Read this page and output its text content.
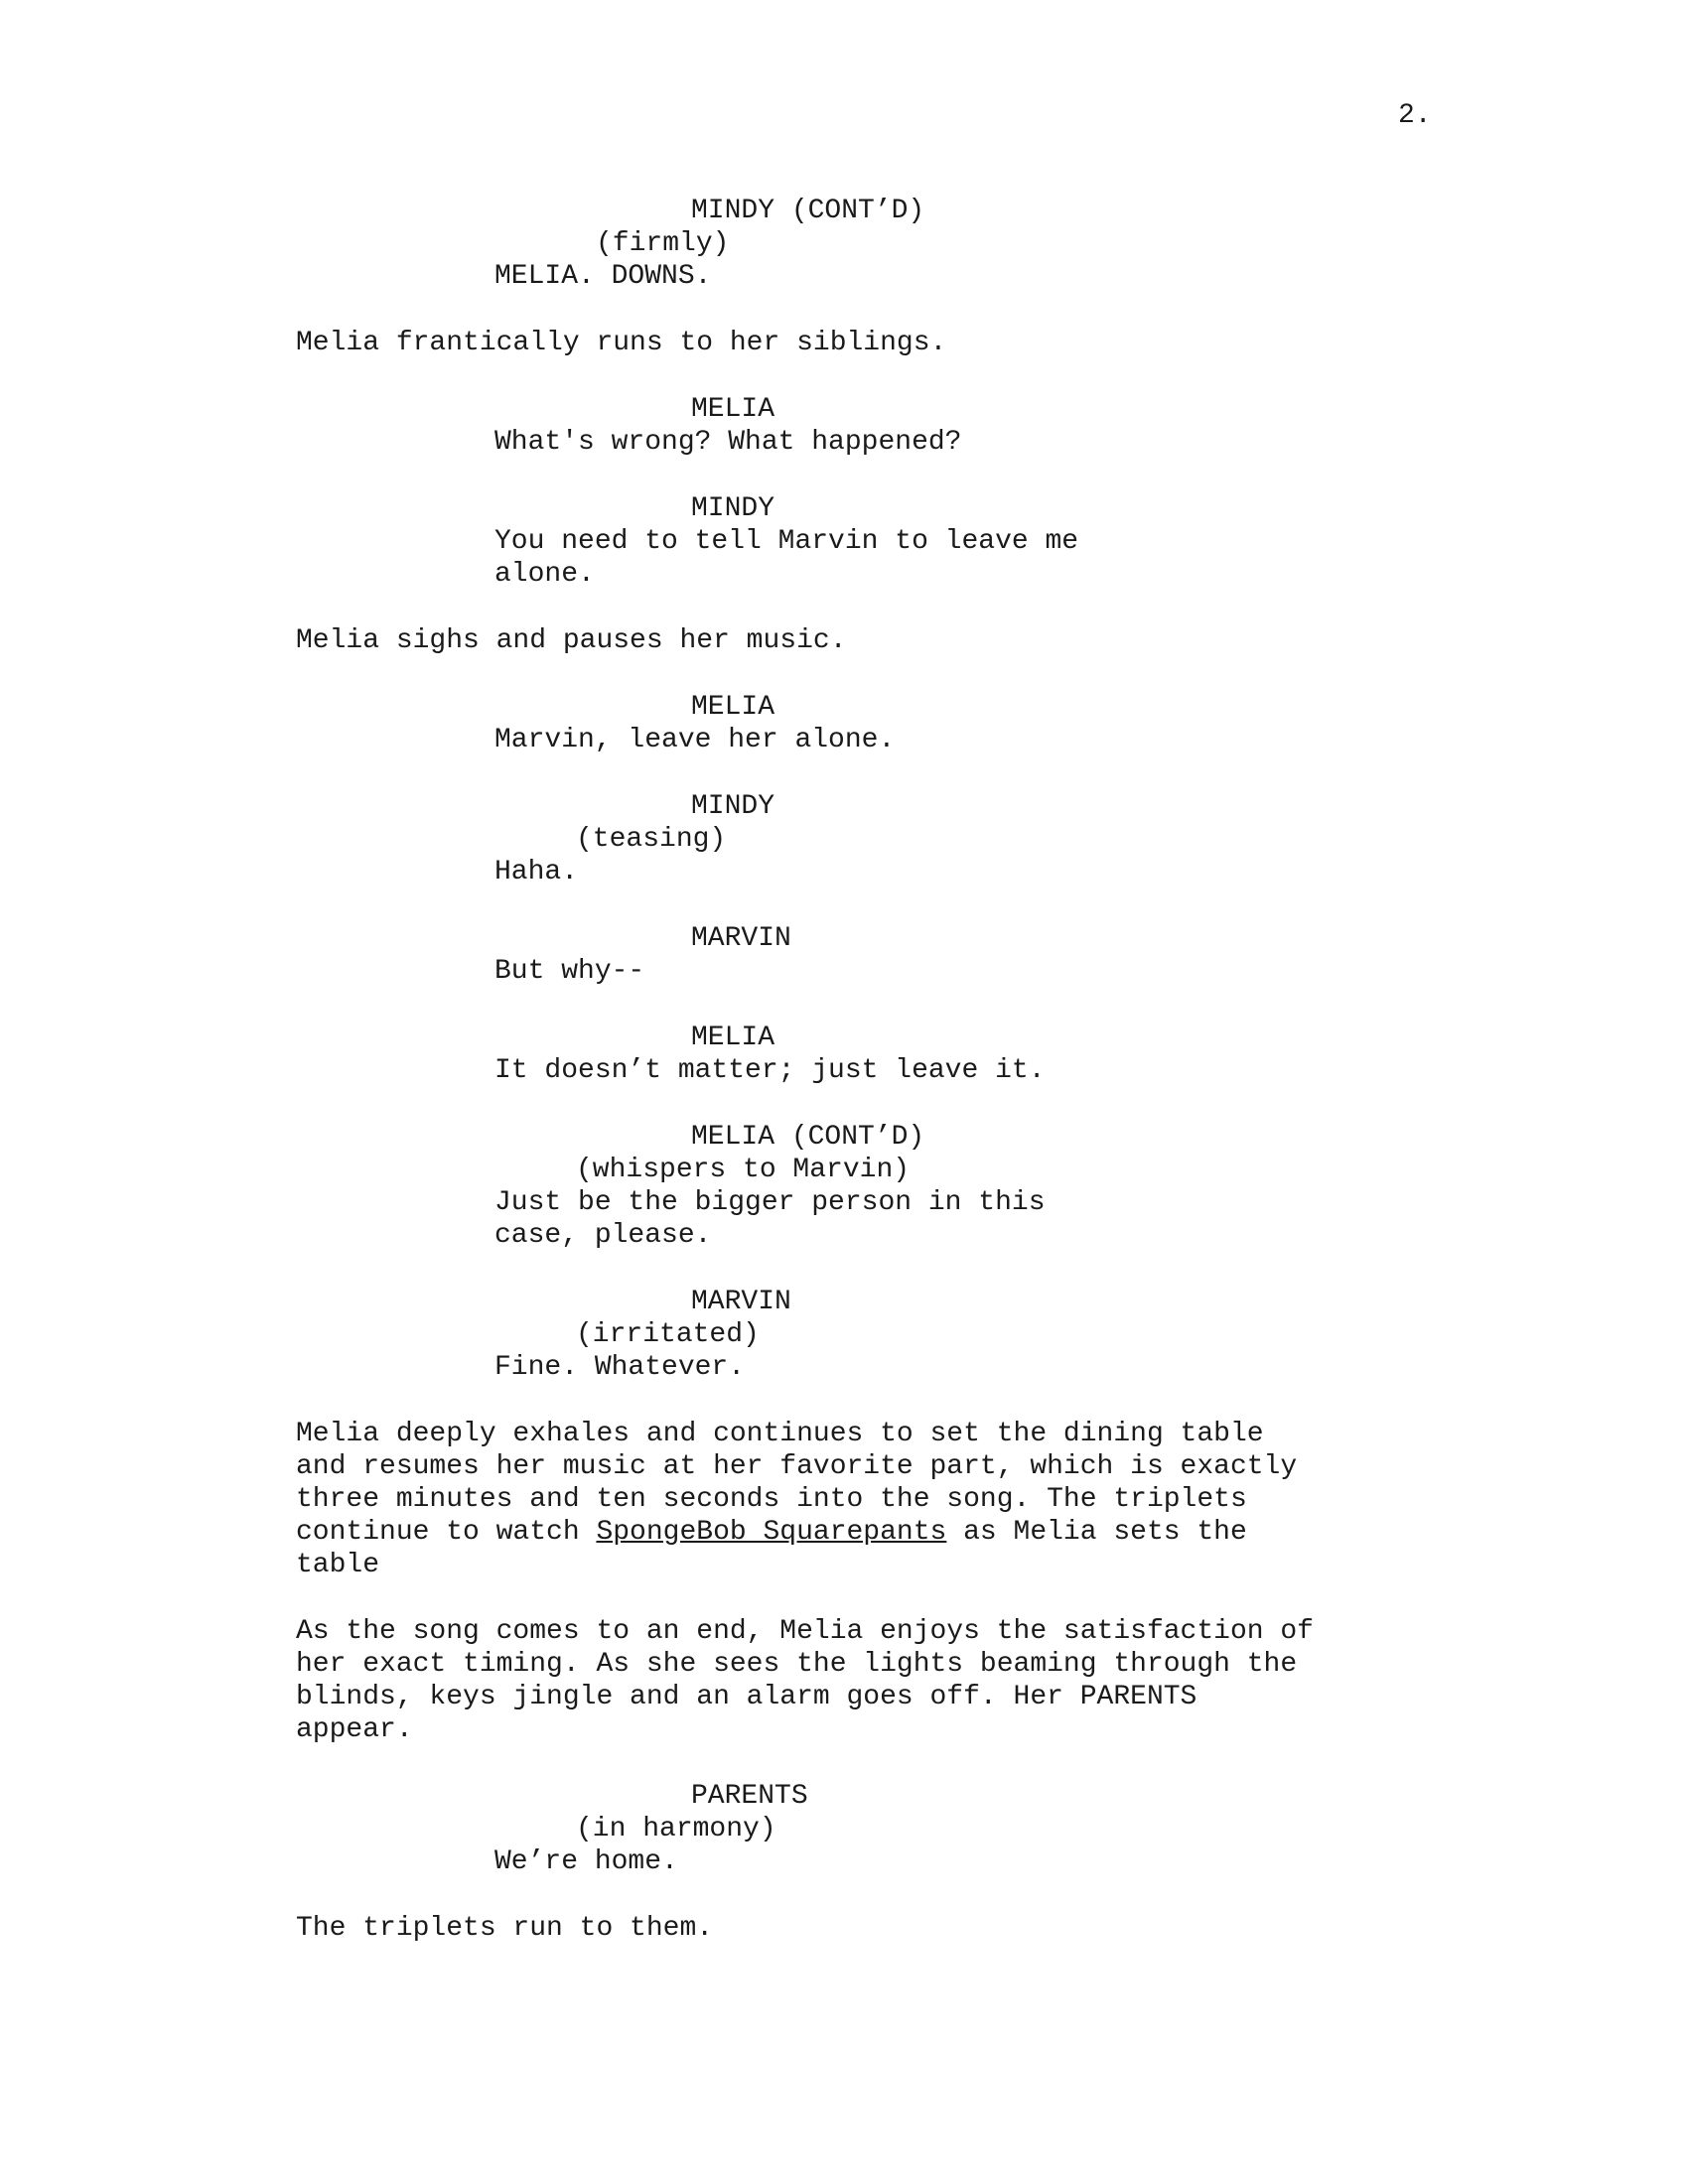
2.
MINDY (CONT’D)
(firmly)
MELIA. DOWNS.
Melia frantically runs to her siblings.
MELIA
What's wrong? What happened?
MINDY
You need to tell Marvin to leave me
alone.
Melia sighs and pauses her music.
MELIA
Marvin, leave her alone.
MINDY
(teasing)
Haha.
MARVIN
But why--
MELIA
It doesn’t matter; just leave it.
MELIA (CONT’D)
(whispers to Marvin)
Just be the bigger person in this
case, please.
MARVIN
(irritated)
Fine. Whatever.
Melia deeply exhales and continues to set the dining table
and resumes her music at her favorite part, which is exactly
three minutes and ten seconds into the song. The triplets
continue to watch SpongeBob Squarepants as Melia sets the
table
As the song comes to an end, Melia enjoys the satisfaction of
her exact timing. As she sees the lights beaming through the
blinds, keys jingle and an alarm goes off. Her PARENTS
appear.
PARENTS
(in harmony)
We’re home.
The triplets run to them.
